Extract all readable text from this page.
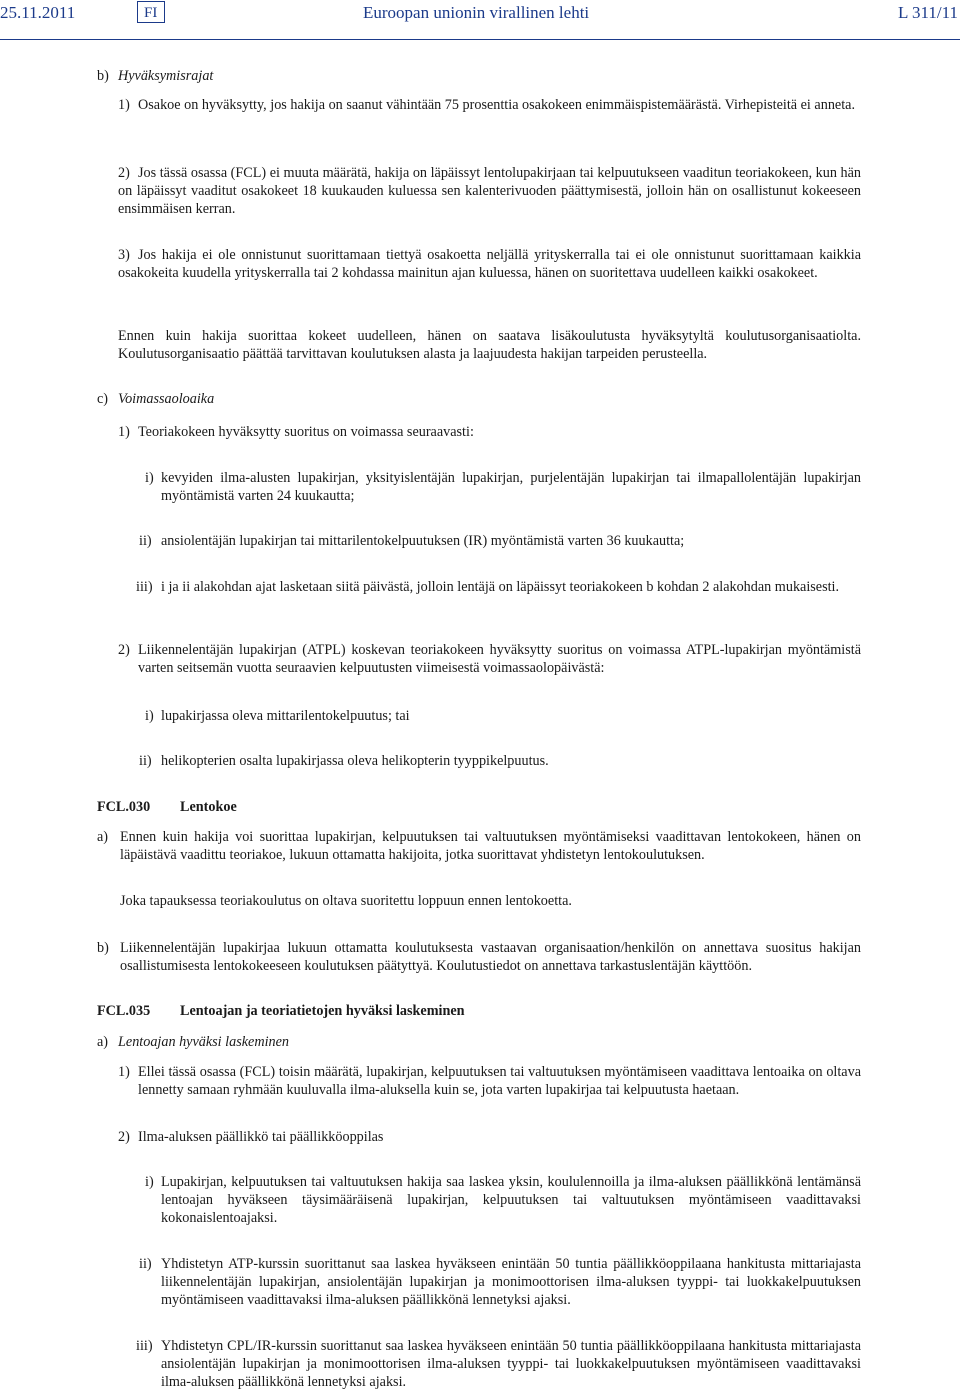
25.11.2011	FI	Euroopan unionin virallinen lehti	L 311/11
b) Hyväksymisrajat
1) Osakoe on hyväksytty, jos hakija on saanut vähintään 75 prosenttia osakokeen enimmäispistemäärästä. Virhepisteitä ei anneta.
2) Jos tässä osassa (FCL) ei muuta määrätä, hakija on läpäissyt lentolupakirjaan tai kelpuutukseen vaaditun teoriakokeen, kun hän on läpäissyt vaaditut osakokeet 18 kuukauden kuluessa sen kalenterivuoden päättymisestä, jolloin hän on osallistunut kokeeseen ensimmäisen kerran.
3) Jos hakija ei ole onnistunut suorittamaan tiettyä osakoetta neljällä yrityskerralla tai ei ole onnistunut suorittamaan kaikkia osakokeita kuudella yrityskerralla tai 2 kohdassa mainitun ajan kuluessa, hänen on suoritettava uudelleen kaikki osakokeet.
Ennen kuin hakija suorittaa kokeet uudelleen, hänen on saatava lisäkoulutusta hyväksytyltä koulutusorganisaatiolta. Koulutusorganisaatio päättää tarvittavan koulutuksen alasta ja laajuudesta hakijan tarpeiden perusteella.
c) Voimassaoloaika
1) Teoriakokeen hyväksytty suoritus on voimassa seuraavasti:
i) kevyiden ilma-alusten lupakirjan, yksityislentäjän lupakirjan, purjelentäjän lupakirjan tai ilmapallolentäjän lupakirjan myöntämistä varten 24 kuukautta;
ii) ansiolentäjän lupakirjan tai mittarilentokelpuutuksen (IR) myöntämistä varten 36 kuukautta;
iii) i ja ii alakohdan ajat lasketaan siitä päivästä, jolloin lentäjä on läpäissyt teoriakokeen b kohdan 2 alakohdan mukaisesti.
2) Liikennelentäjän lupakirjan (ATPL) koskevan teoriakokeen hyväksytty suoritus on voimassa ATPL-lupakirjan myöntämistä varten seitsemän vuotta seuraavien kelpuutusten viimeisestä voimassaolopäivästä:
i) lupakirjassa oleva mittarilentokelpuutus; tai
ii) helikopterien osalta lupakirjassa oleva helikopterin tyyppikelpuutus.
FCL.030 Lentokoe
a) Ennen kuin hakija voi suorittaa lupakirjan, kelpuutuksen tai valtuutuksen myöntämiseksi vaadittavan lentokokeen, hänen on läpäistävä vaadittu teoriakoe, lukuun ottamatta hakijoita, jotka suorittavat yhdistetyn lentokoulutuksen.
Joka tapauksessa teoriakoulutus on oltava suoritettu loppuun ennen lentokoetta.
b) Liikennelentäjän lupakirjaa lukuun ottamatta koulutuksesta vastaavan organisaation/henkilön on annettava suositus hakijan osallistumisesta lentokokeeseen koulutuksen päätyttyä. Koulutustiedot on annettava tarkastuslentäjän käyttöön.
FCL.035 Lentoajan ja teoriatietojen hyväksi laskeminen
a) Lentoajan hyväksi laskeminen
1) Ellei tässä osassa (FCL) toisin määrätä, lupakirjan, kelpuutuksen tai valtuutuksen myöntämiseen vaadittava lentoaika on oltava lennetty samaan ryhmään kuuluvalla ilma-aluksella kuin se, jota varten lupakirjaa tai kelpuutusta haetaan.
2) Ilma-aluksen päällikkö tai päällikköoppilas
i) Lupakirjan, kelpuutuksen tai valtuutuksen hakija saa laskea yksin, koululennoilla ja ilma-aluksen päällikkönä lentämänsä lentoajan hyväkseen täysimääräisenä lupakirjan, kelpuutuksen tai valtuutuksen myöntämiseen vaadittavaksi kokonaislentoajaksi.
ii) Yhdistetyn ATP-kurssin suorittanut saa laskea hyväkseen enintään 50 tuntia päällikköoppilaana hankitusta mittariajasta liikennelentäjän lupakirjan, ansiolentäjän lupakirjan ja monimoottorisen ilma-aluksen tyyppi- tai luokkakelpuutuksen myöntämiseen vaadittavaksi ilma-aluksen päällikkönä lennetyksi ajaksi.
iii) Yhdistetyn CPL/IR-kurssin suorittanut saa laskea hyväkseen enintään 50 tuntia päällikköoppilaana hankitusta mittariajasta ansiolentäjän lupakirjan ja monimoottorisen ilma-aluksen tyyppi- tai luokkakelpuutuksen myöntämiseen vaadittavaksi ilma-aluksen päällikkönä lennetyksi ajaksi.
